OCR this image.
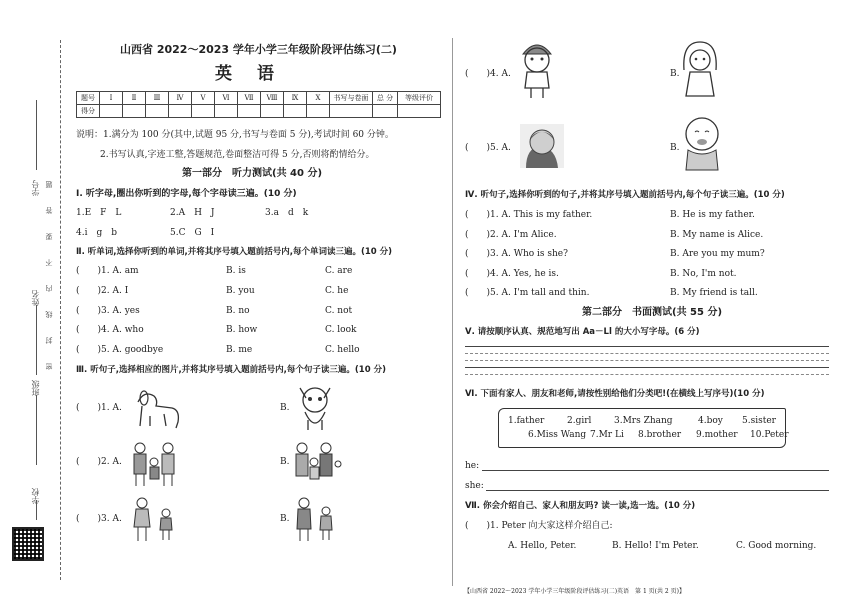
密　封　线　内　不　要　答　题
学号
姓名
班级
学校
山西省 2022～2023 学年小学三年级阶段评估练习(二)
英　语
题号	Ⅰ	Ⅱ	Ⅲ	Ⅳ	Ⅴ	Ⅵ	Ⅶ	Ⅷ	Ⅸ	Ⅹ	书写与卷面	总 分	等级评价
得分													
说明：1.满分为 100 分(其中,试题 95 分,书写与卷面 5 分),考试时间 60 分钟。
2.书写认真,字迹工整,答题规范,卷面整洁可得 5 分,否则将酌情给分。
第一部分　听力测试(共 40 分)
Ⅰ. 听字母,圈出你听到的字母,每个字母读三遍。(10 分)
1.E　F　L	2.A　H　J	3.a　d　k
4.i　g　b	5.C　G　I
Ⅱ. 听单词,选择你听到的单词,并将其序号填入题前括号内,每个单词读三遍。(10 分)
(　　)1. A. am	B. is	C. are
(　　)2. A. I	B. you	C. he
(　　)3. A. yes	B. no	C. not
(　　)4. A. who	B. how	C. look
(　　)5. A. goodbye	B. me	C. hello
Ⅲ. 听句子,选择相应的图片,并将其序号填入题前括号内,每个句子读三遍。(10 分)
(　　)1. A.	B.
(　　)2. A.	B.
(　　)3. A.	B.
(　　)4. A.	B.
(　　)5. A.	B.
Ⅳ. 听句子,选择你听到的句子,并将其序号填入题前括号内,每个句子读三遍。(10 分)
(　　)1. A. This is my father.	B. He is my father.
(　　)2. A. I'm Alice.	B. My name is Alice.
(　　)3. A. Who is she?	B. Are you my mum?
(　　)4. A. Yes, he is.	B. No, I'm not.
(　　)5. A. I'm tall and thin.	B. My friend is tall.
第二部分　书面测试(共 55 分)
Ⅴ. 请按顺序认真、规范地写出 Aa－Ll 的大小写字母。(6 分)
Ⅵ. 下面有家人、朋友和老师,请按性别给他们分类吧!(在横线上写序号)(10 分)
1.father	2.girl	3.Mrs Zhang	4.boy 5.sister
6.Miss Wang 7.Mr Li 8.brother 9.mother 10.Peter
he:
she:
Ⅶ. 你会介绍自己、家人和朋友吗? 读一读,选一选。(10 分)
(　　)1. Peter 向大家这样介绍自己:
A. Hello, Peter.	B. Hello! I'm Peter.	C. Good morning.
【山西省 2022～2023 学年小学三年级阶段评估练习(二)英语　第 1 页(共 2 页)】
